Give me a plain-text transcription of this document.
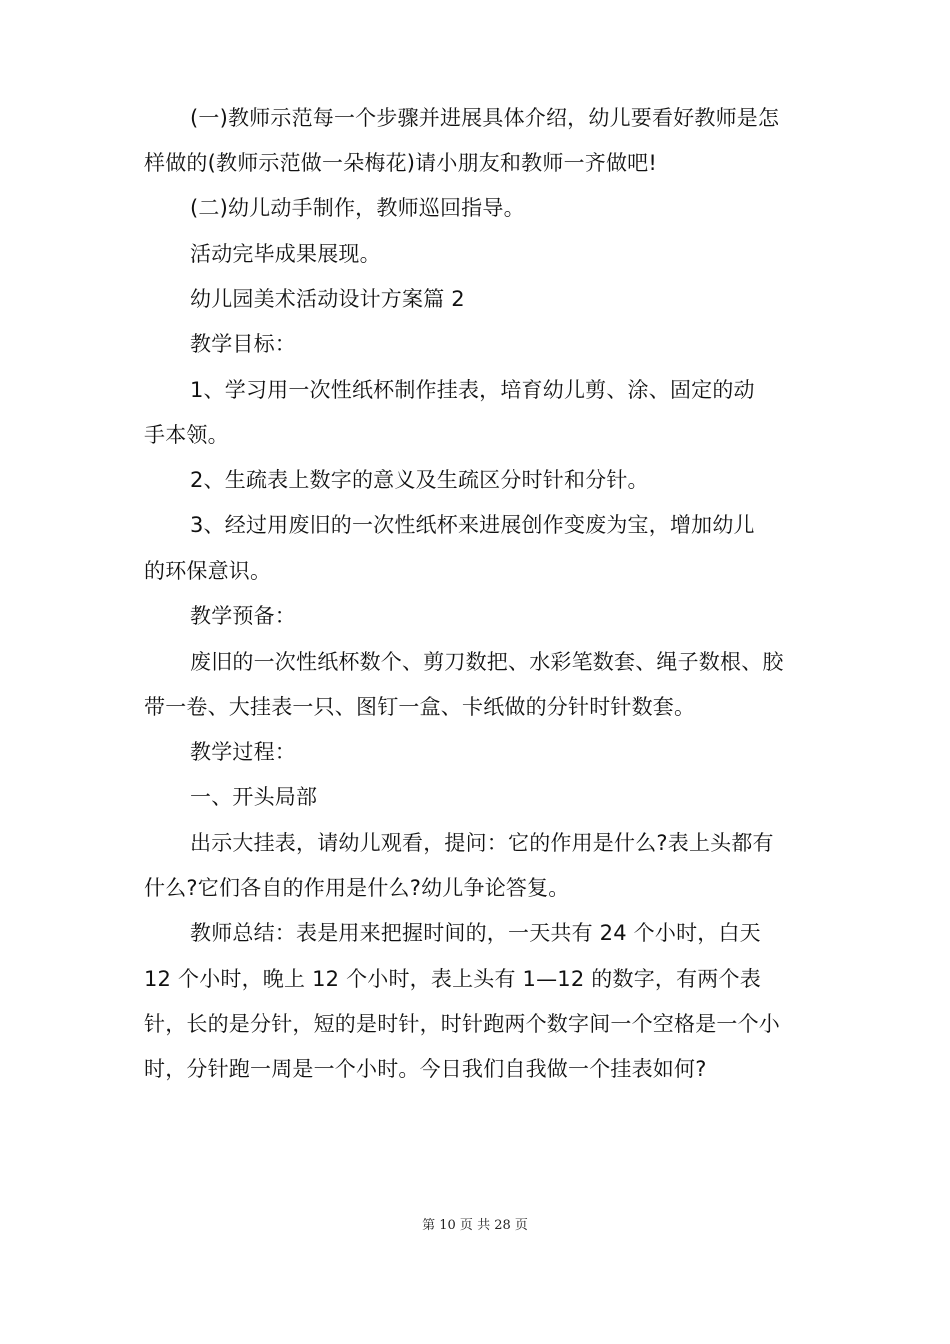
(一)教师示范每一个步骤并进展具体介绍，幼儿要看好教师是怎
样做的(教师示范做一朵梅花)请小朋友和教师一齐做吧!
(二)幼儿动手制作，教师巡回指导。
活动完毕成果展现。
幼儿园美术活动设计方案篇 2
教学目标：
1、学习用一次性纸杯制作挂表，培育幼儿剪、涂、固定的动
手本领。
2、生疏表上数字的意义及生疏区分时针和分针。
3、经过用废旧的一次性纸杯来进展创作变废为宝，增加幼儿
的环保意识。
教学预备：
废旧的一次性纸杯数个、剪刀数把、水彩笔数套、绳子数根、胶
带一卷、大挂表一只、图钉一盒、卡纸做的分针时针数套。
教学过程：
一、开头局部
出示大挂表，请幼儿观看，提问：它的作用是什么?表上头都有
什么?它们各自的作用是什么?幼儿争论答复。
教师总结：表是用来把握时间的，一天共有 24 个小时，白天
12 个小时，晚上 12 个小时，表上头有 1—12 的数字，有两个表
针，长的是分针，短的是时针，时针跑两个数字间一个空格是一个小
时，分针跑一周是一个小时。今日我们自我做一个挂表如何?
第 10 页 共 28 页
